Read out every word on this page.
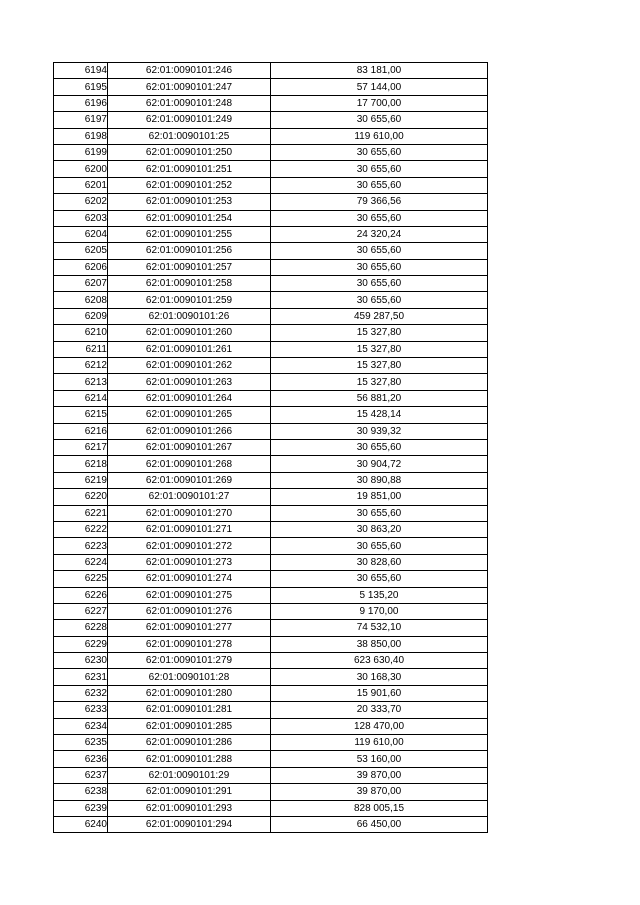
6194	62:01:0090101:246	83 181,00
6195	62:01:0090101:247	57 144,00
6196	62:01:0090101:248	17 700,00
6197	62:01:0090101:249	30 655,60
6198	62:01:0090101:25	119 610,00
6199	62:01:0090101:250	30 655,60
6200	62:01:0090101:251	30 655,60
6201	62:01:0090101:252	30 655,60
6202	62:01:0090101:253	79 366,56
6203	62:01:0090101:254	30 655,60
6204	62:01:0090101:255	24 320,24
6205	62:01:0090101:256	30 655,60
6206	62:01:0090101:257	30 655,60
6207	62:01:0090101:258	30 655,60
6208	62:01:0090101:259	30 655,60
6209	62:01:0090101:26	459 287,50
6210	62:01:0090101:260	15 327,80
6211	62:01:0090101:261	15 327,80
6212	62:01:0090101:262	15 327,80
6213	62:01:0090101:263	15 327,80
6214	62:01:0090101:264	56 881,20
6215	62:01:0090101:265	15 428,14
6216	62:01:0090101:266	30 939,32
6217	62:01:0090101:267	30 655,60
6218	62:01:0090101:268	30 904,72
6219	62:01:0090101:269	30 890,88
6220	62:01:0090101:27	19 851,00
6221	62:01:0090101:270	30 655,60
6222	62:01:0090101:271	30 863,20
6223	62:01:0090101:272	30 655,60
6224	62:01:0090101:273	30 828,60
6225	62:01:0090101:274	30 655,60
6226	62:01:0090101:275	5 135,20
6227	62:01:0090101:276	9 170,00
6228	62:01:0090101:277	74 532,10
6229	62:01:0090101:278	38 850,00
6230	62:01:0090101:279	623 630,40
6231	62:01:0090101:28	30 168,30
6232	62:01:0090101:280	15 901,60
6233	62:01:0090101:281	20 333,70
6234	62:01:0090101:285	128 470,00
6235	62:01:0090101:286	119 610,00
6236	62:01:0090101:288	53 160,00
6237	62:01:0090101:29	39 870,00
6238	62:01:0090101:291	39 870,00
6239	62:01:0090101:293	828 005,15
6240	62:01:0090101:294	66 450,00
